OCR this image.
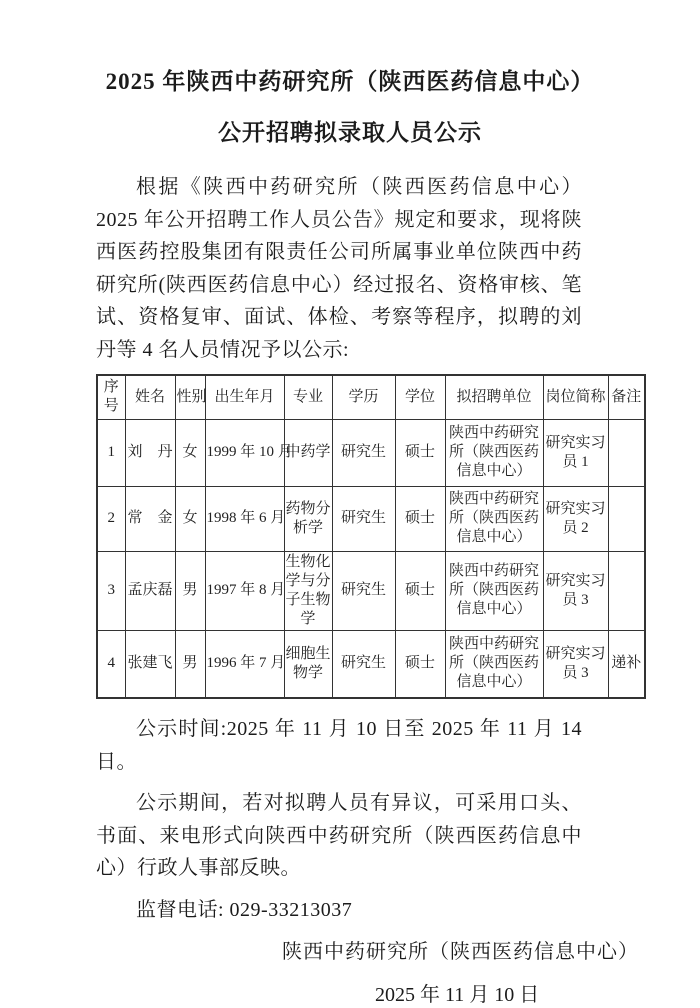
2025 年陕西中药研究所（陕西医药信息中心）
公开招聘拟录取人员公示

根据《陕西中药研究所（陕西医药信息中心）2025 年公开招聘工作人员公告》规定和要求，现将陕西医药控股集团有限责任公司所属事业单位陕西中药研究所(陕西医药信息中心）经过报名、资格审核、笔试、资格复审、面试、体检、考察等程序，拟聘的刘丹等 4 名人员情况予以公示:

序号	姓名	性别	出生年月	专业	学历	学位	拟招聘单位	岗位简称	备注
1	刘　丹	女	1999 年 10 月	中药学	研究生	硕士	陕西中药研究所（陕西医药信息中心）	研究实习员 1	
2	常　金	女	1998 年 6 月	药物分析学	研究生	硕士	陕西中药研究所（陕西医药信息中心）	研究实习员 2	
3	孟庆磊	男	1997 年 8 月	生物化学与分子生物学	研究生	硕士	陕西中药研究所（陕西医药信息中心）	研究实习员 3	
4	张建飞	男	1996 年 7 月	细胞生物学	研究生	硕士	陕西中药研究所（陕西医药信息中心）	研究实习员 3	递补

公示时间:2025 年 11 月 10 日至 2025 年 11 月 14 日。

公示期间，若对拟聘人员有异议，可采用口头、书面、来电形式向陕西中药研究所（陕西医药信息中心）行政人事部反映。

监督电话: 029-33213037

陕西中药研究所（陕西医药信息中心）
2025 年 11 月 10 日
